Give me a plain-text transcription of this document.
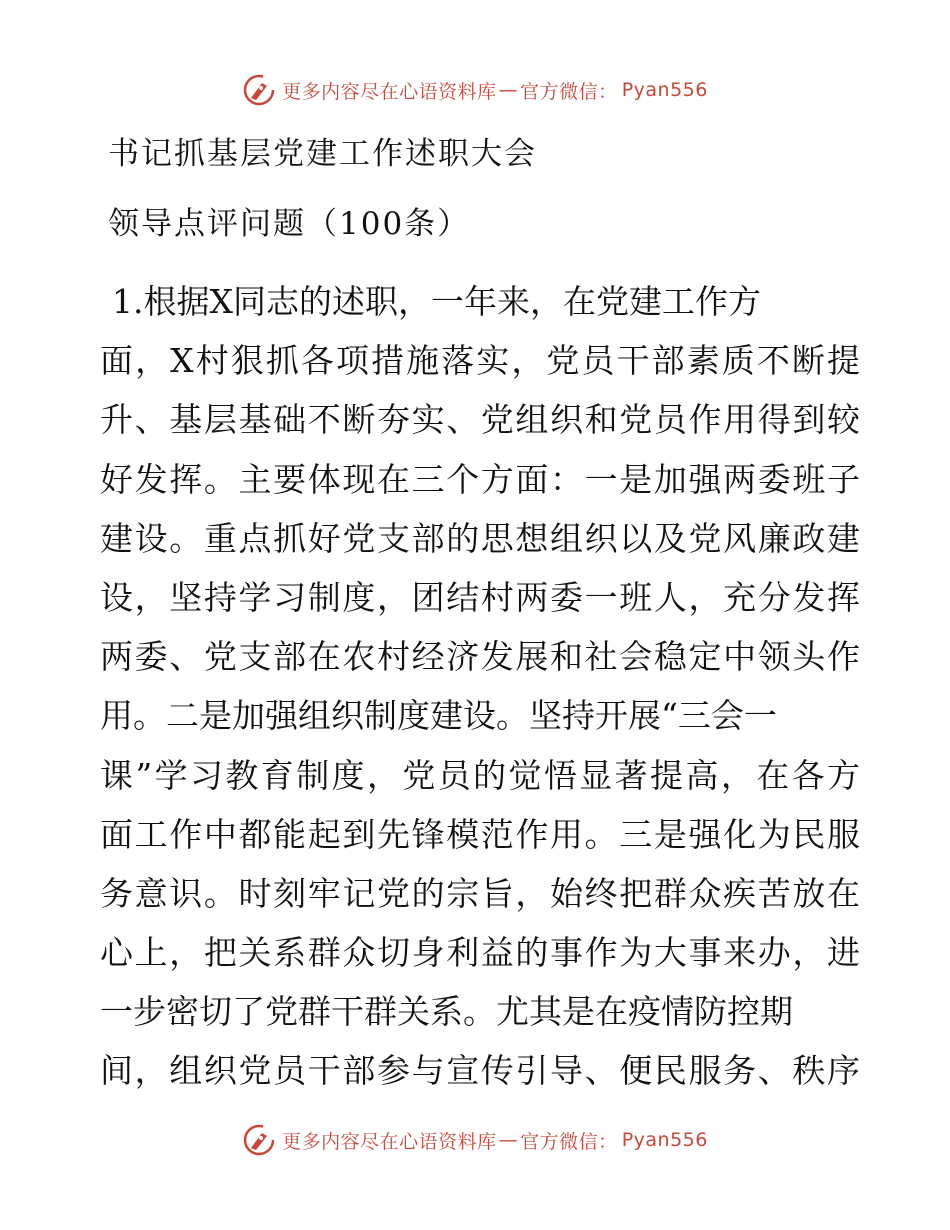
更多内容尽在心语资料库 — 官方微信： Pyan556
书记抓基层党建工作述职大会
领导点评问题（100条）
1.根据X同志的述职，一年来，在党建工作方
面，X村狠抓各项措施落实，党员干部素质不断提
升、基层基础不断夯实、党组织和党员作用得到较
好发挥。主要体现在三个方面：一是加强两委班子
建设。重点抓好党支部的思想组织以及党风廉政建
设，坚持学习制度，团结村两委一班人，充分发挥
两委、党支部在农村经济发展和社会稳定中领头作
用。二是加强组织制度建设。坚持开展“三会一
课”学习教育制度，党员的觉悟显著提高，在各方
面工作中都能起到先锋模范作用。三是强化为民服
务意识。时刻牢记党的宗旨，始终把群众疾苦放在
心上，把关系群众切身利益的事作为大事来办，进
一步密切了党群干群关系。尤其是在疫情防控期
间，组织党员干部参与宣传引导、便民服务、秩序
更多内容尽在心语资料库 — 官方微信： Pyan556
